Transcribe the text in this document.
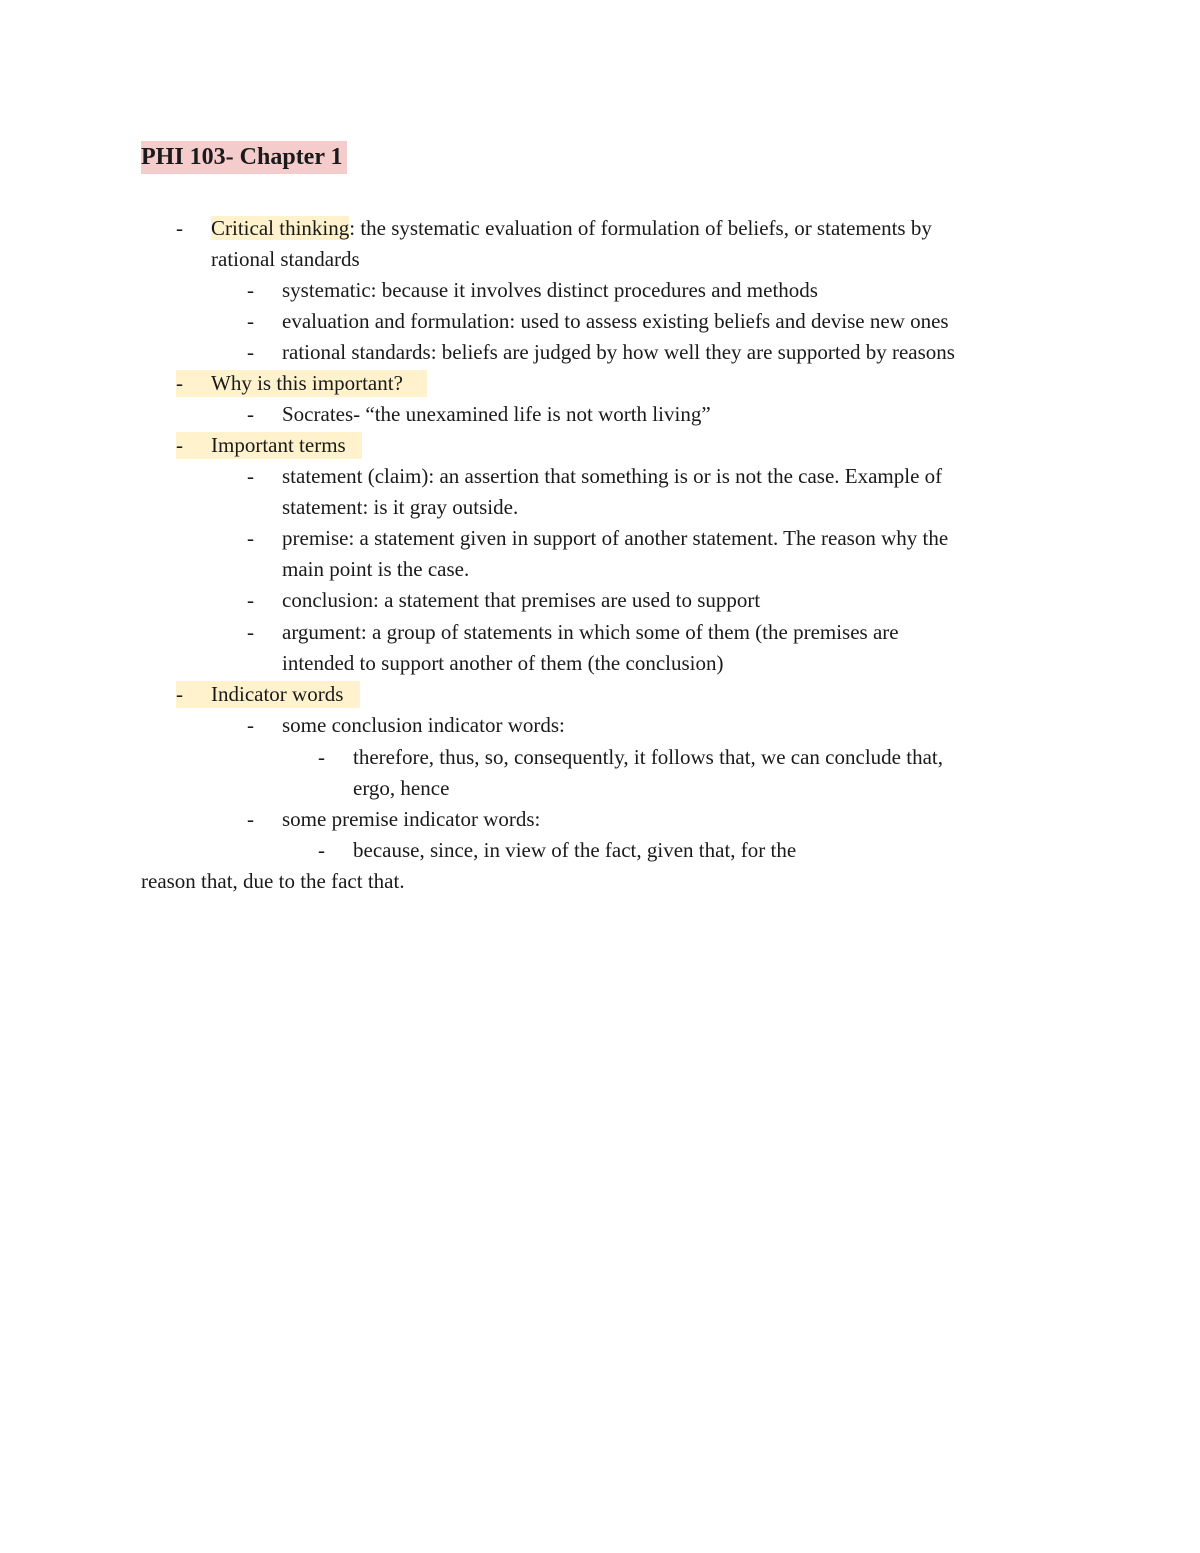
PHI 103- Chapter 1
- Critical thinking: the systematic evaluation of formulation of beliefs, or statements by
rational standards
- systematic: because it involves distinct procedures and methods
- evaluation and formulation: used to assess existing beliefs and devise new ones
- rational standards: beliefs are judged by how well they are supported by reasons
- Why is this important?
- Socrates- “the unexamined life is not worth living”
- Important terms
- statement (claim): an assertion that something is or is not the case. Example of
statement: is it gray outside.
- premise: a statement given in support of another statement. The reason why the
main point is the case.
- conclusion: a statement that premises are used to support
- argument: a group of statements in which some of them (the premises are
intended to support another of them (the conclusion)
- Indicator words
- some conclusion indicator words:
- therefore, thus, so, consequently, it follows that, we can conclude that,
ergo, hence
- some premise indicator words:
- because, since, in view of the fact, given that, for the
reason that, due to the fact that.
